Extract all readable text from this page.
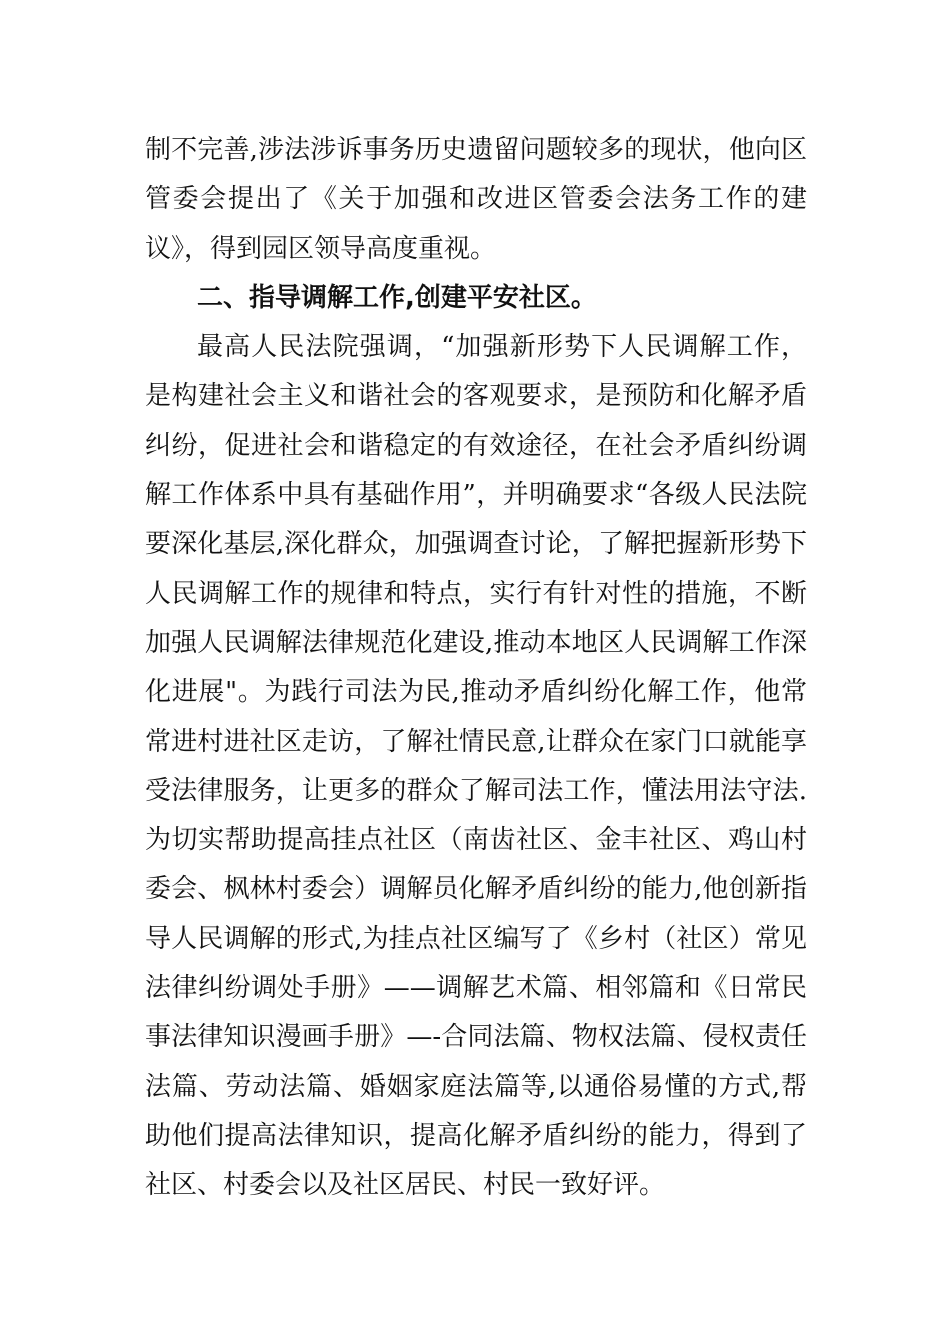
制不完善,涉法涉诉事务历史遗留问题较多的现状，他向区管委会提出了《关于加强和改进区管委会法务工作的建议》，得到园区领导高度重视。

二、指导调解工作,创建平安社区。

最高人民法院强调，“加强新形势下人民调解工作，是构建社会主义和谐社会的客观要求，是预防和化解矛盾纠纷，促进社会和谐稳定的有效途径，在社会矛盾纠纷调解工作体系中具有基础作用”，并明确要求“各级人民法院要深化基层,深化群众，加强调查讨论，了解把握新形势下人民调解工作的规律和特点，实行有针对性的措施，不断加强人民调解法律规范化建设,推动本地区人民调解工作深化进展"。为践行司法为民,推动矛盾纠纷化解工作，他常常进村进社区走访，了解社情民意,让群众在家门口就能享受法律服务，让更多的群众了解司法工作，懂法用法守法.为切实帮助提高挂点社区（南齿社区、金丰社区、鸡山村委会、枫林村委会）调解员化解矛盾纠纷的能力,他创新指导人民调解的形式,为挂点社区编写了《乡村（社区）常见法律纠纷调处手册》——调解艺术篇、相邻篇和《日常民事法律知识漫画手册》—-合同法篇、物权法篇、侵权责任法篇、劳动法篇、婚姻家庭法篇等,以通俗易懂的方式,帮助他们提高法律知识，提高化解矛盾纠纷的能力，得到了社区、村委会以及社区居民、村民一致好评。
